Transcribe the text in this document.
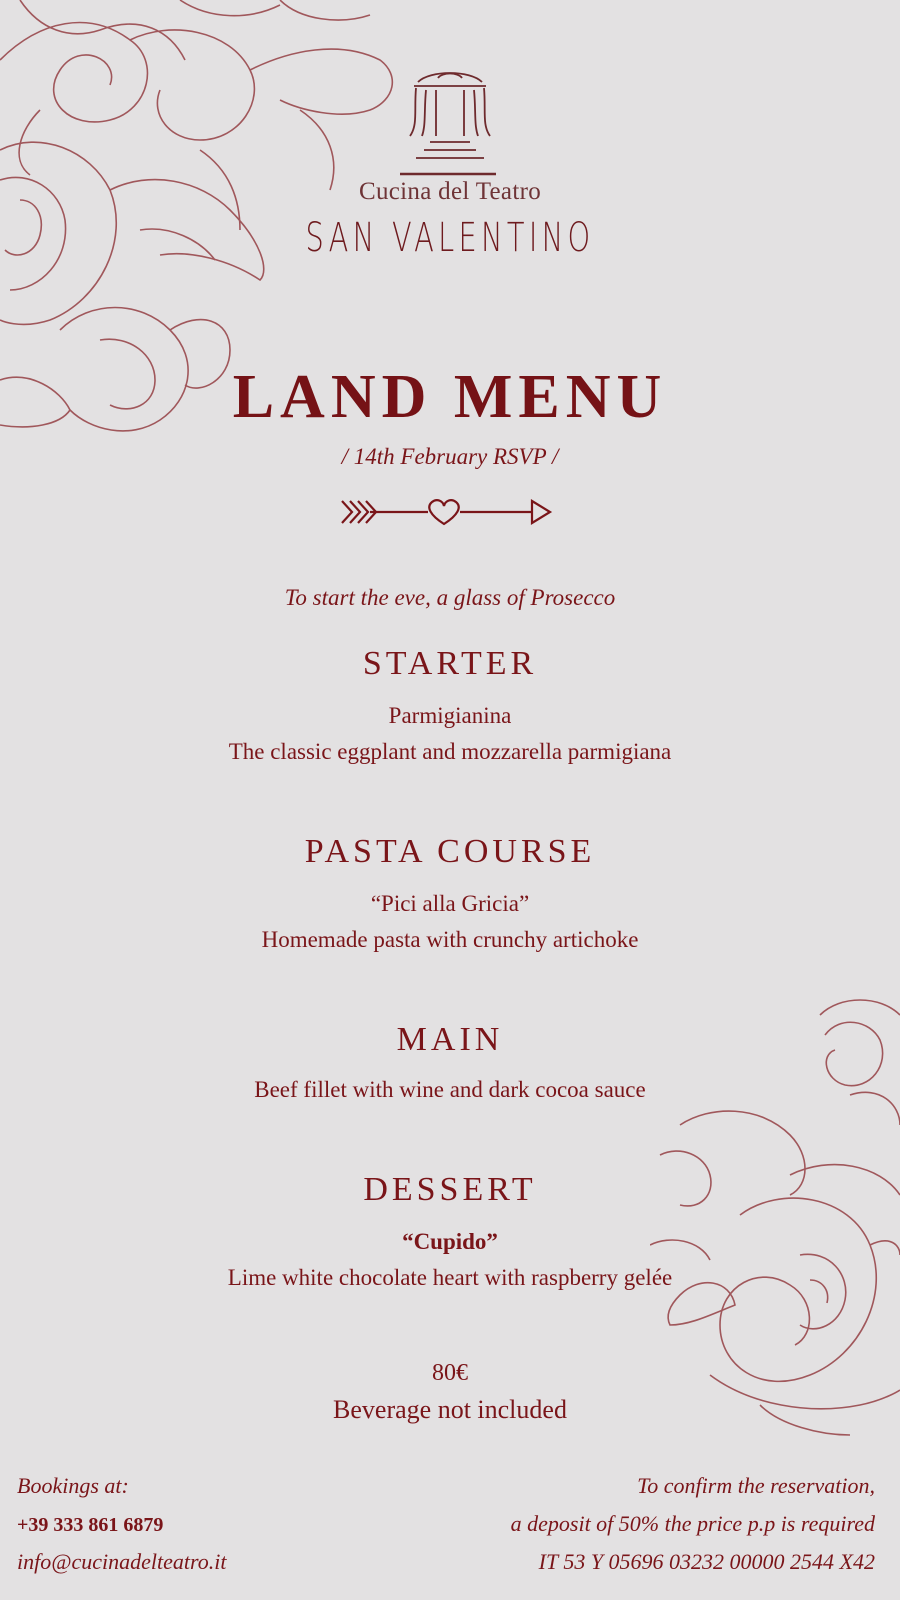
Cucina del Teatro
SAN VALENTINO
LAND MENU
/ 14th February RSVP /
To start the eve, a glass of Prosecco
STARTER
Parmigianina
The classic eggplant and mozzarella parmigiana
PASTA COURSE
“Pici alla Gricia”
Homemade pasta with crunchy artichoke
MAIN
Beef fillet with wine and dark cocoa sauce
DESSERT
“Cupido”
Lime white chocolate heart with raspberry gelée
80€
Beverage not included
Bookings at:
+39 333 861 6879
info@cucinadelteatro.it
To confirm the reservation,
a deposit of 50% the price p.p is required
IT 53 Y 05696 03232 00000 2544 X42
